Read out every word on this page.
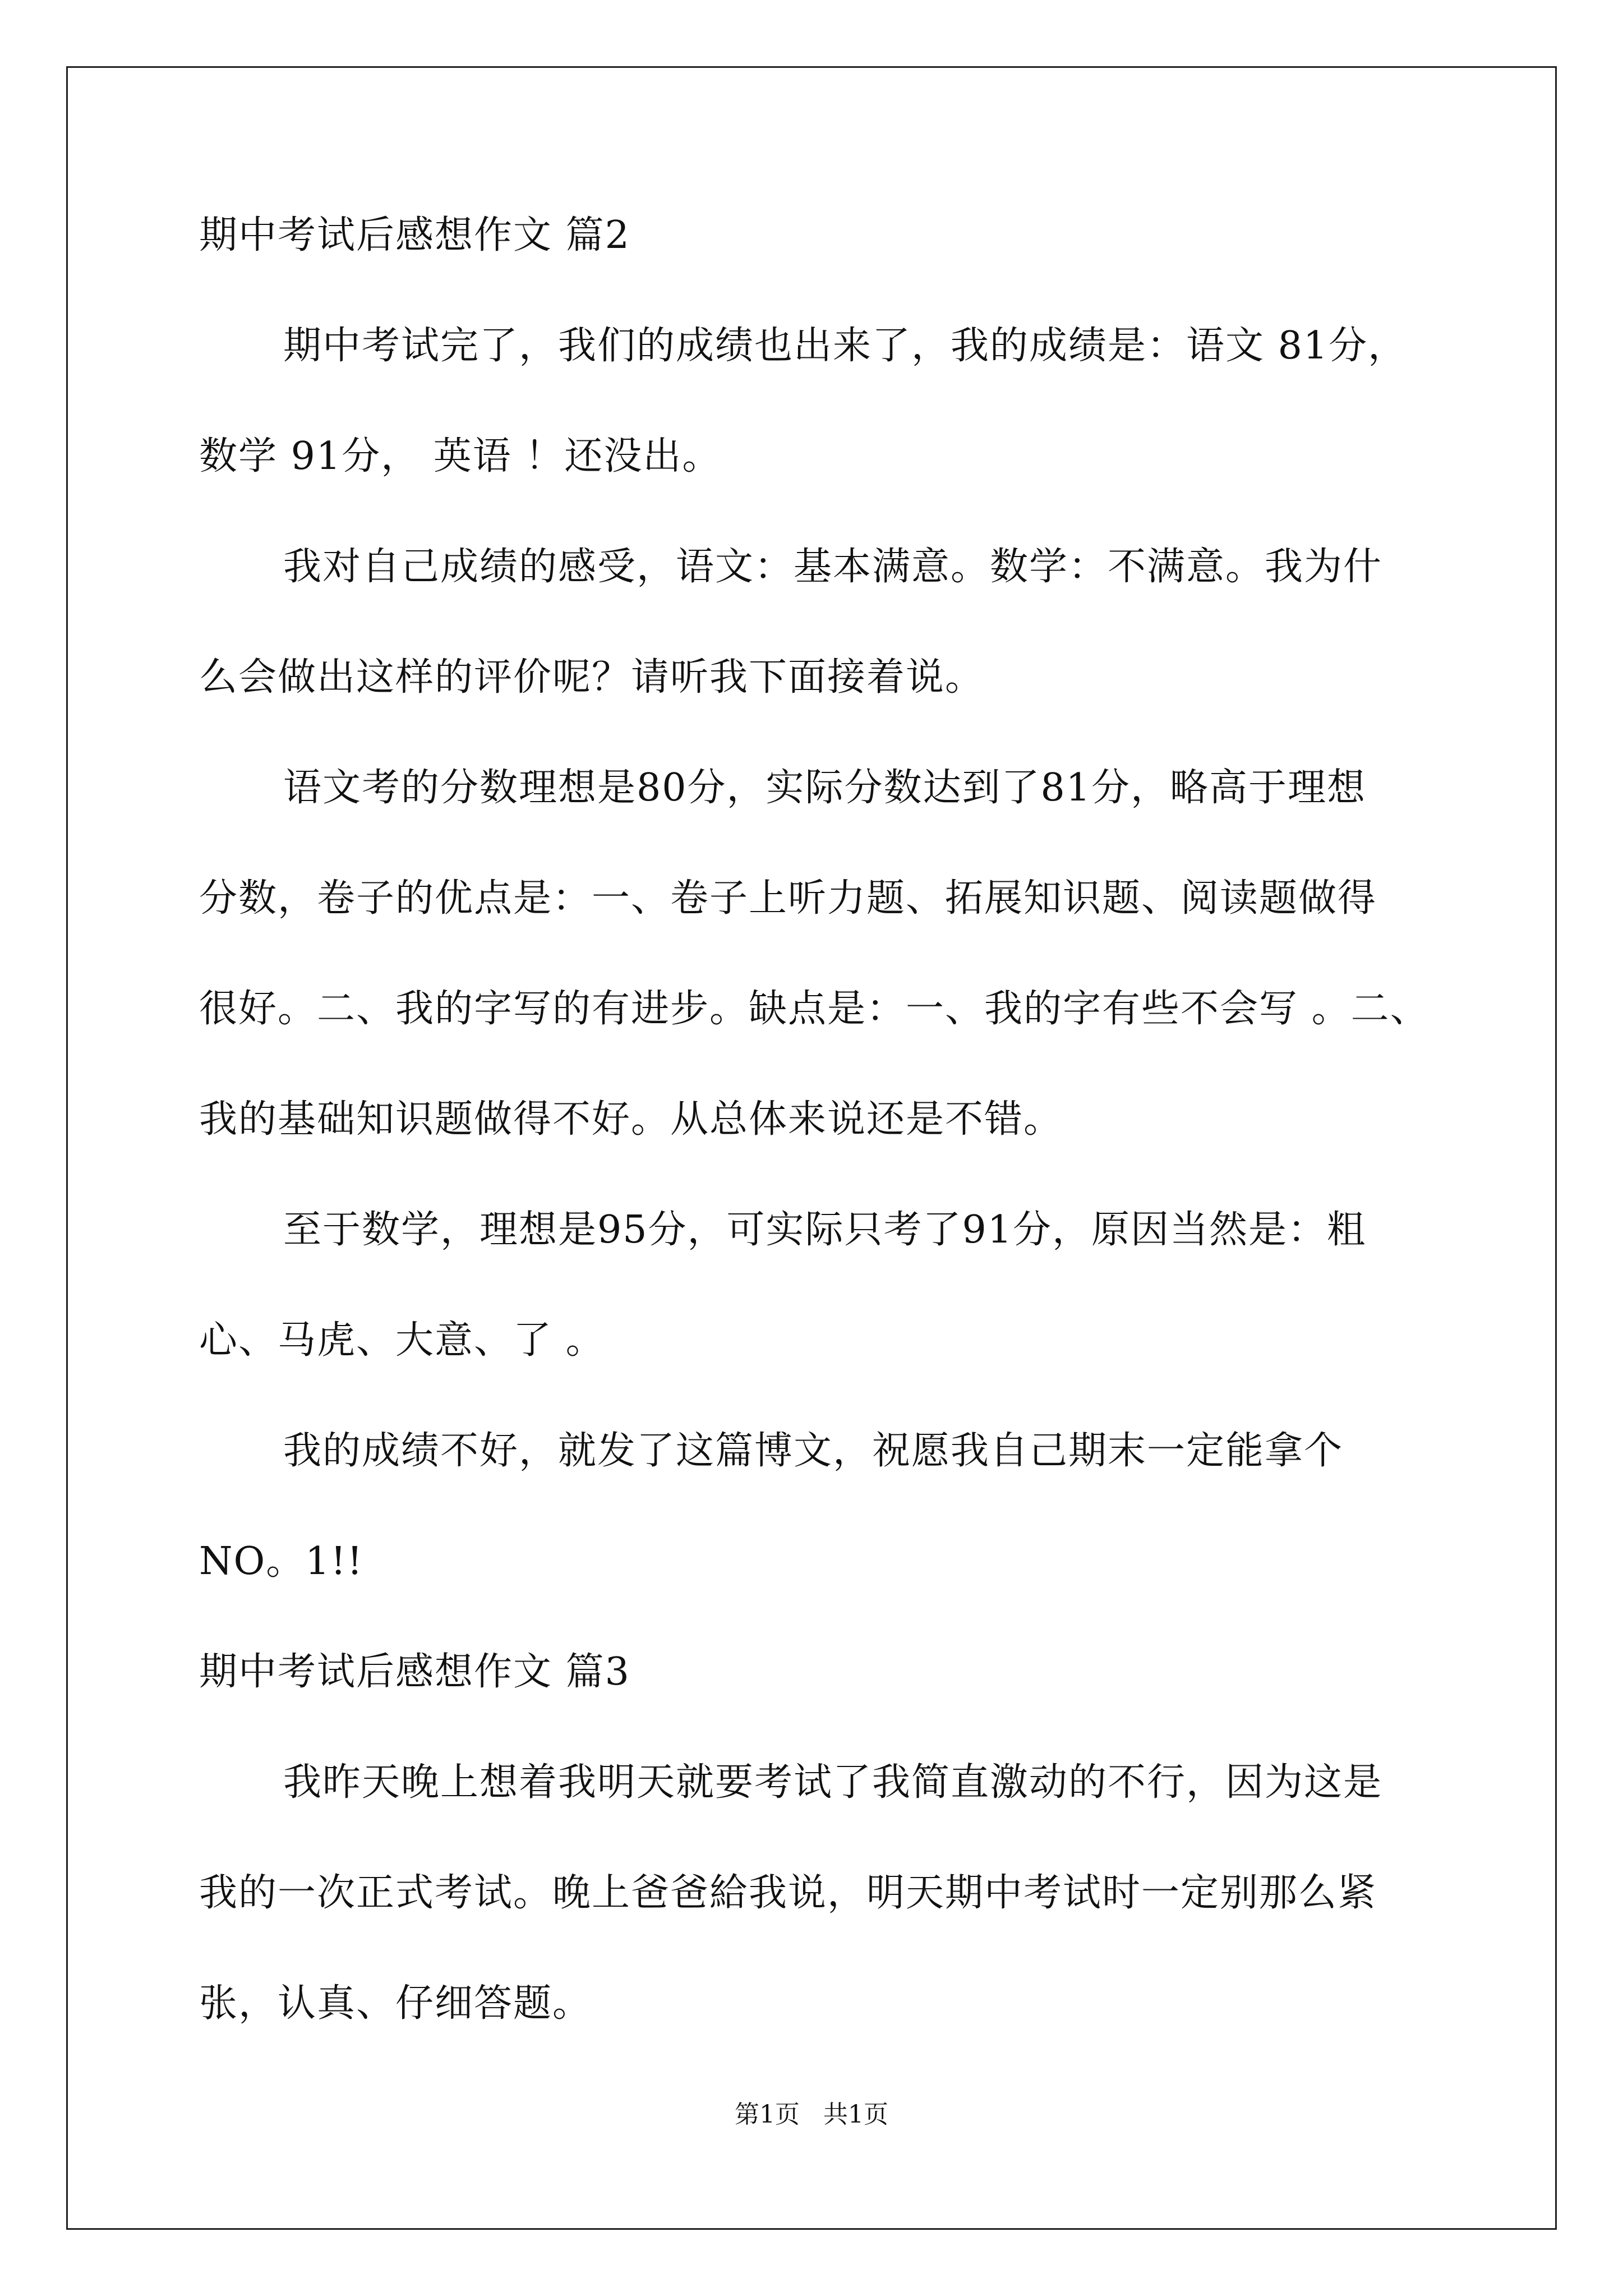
期中考试后感想作文 篇2
期中考试完了，我们的成绩也出来了，我的成绩是：语文 81分，
数学 91分， 英语 ！还没出。
我对自己成绩的感受，语文：基本满意。数学：不满意。我为什
么会做出这样的评价呢？请听我下面接着说。
语文考的分数理想是80分，实际分数达到了81分，略高于理想
分数，卷子的优点是：一、卷子上听力题、拓展知识题、阅读题做得
很好。二、我的字写的有进步。缺点是：一、我的字有些不会写 。二、
我的基础知识题做得不好。从总体来说还是不错。
至于数学，理想是95分，可实际只考了91分，原因当然是：粗
心、马虎、大意、了 。
我的成绩不好，就发了这篇博文，祝愿我自己期末一定能拿个
NO。1!!
期中考试后感想作文 篇3
我昨天晚上想着我明天就要考试了我简直激动的不行，因为这是
我的一次正式考试。晚上爸爸給我说，明天期中考试时一定别那么紧
张，认真、仔细答题。
第1页   共1页
